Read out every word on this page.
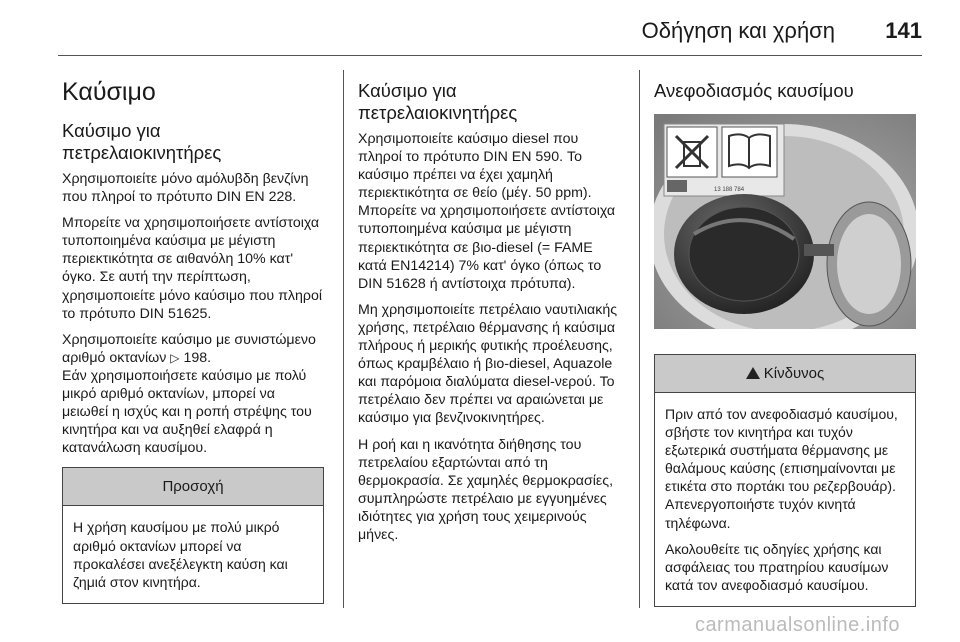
Οδήγηση και χρήση 141
Καύσιμο
Καύσιμο για πετρελαιοκινητήρες

Χρησιμοποιείτε μόνο αμόλυβδη βενζίνη που πληροί το πρότυπο DIN EN 228.

Μπορείτε να χρησιμοποιήσετε αντίστοιχα τυποποιημένα καύσιμα με μέγιστη περιεκτικότητα σε αιθανόλη 10% κατ' όγκο. Σε αυτή την περίπτωση, χρησιμοποιείτε μόνο καύσιμο που πληροί το πρότυπο DIN 51625.

Χρησιμοποιείτε καύσιμο με συνιστώμενο αριθμό οκτανίων ▷ 198.

Εάν χρησιμοποιήσετε καύσιμο με πολύ μικρό αριθμό οκτανίων, μπορεί να μειωθεί η ισχύς και η ροπή στρέψης του κινητήρα και να αυξηθεί ελαφρά η κατανάλωση καυσίμου.

Προσοχή

Η χρήση καυσίμου με πολύ μικρό αριθμό οκτανίων μπορεί να προκαλέσει ανεξέλεγκτη καύση και ζημιά στον κινητήρα.

Καύσιμο για πετρελαιοκινητήρες

Χρησιμοποιείτε καύσιμο diesel που πληροί το πρότυπο DIN EN 590. Το καύσιμο πρέπει να έχει χαμηλή περιεκτικότητα σε θείο (μέγ. 50 ppm). Μπορείτε να χρησιμοποιήσετε αντίστοιχα τυποποιημένα καύσιμα με μέγιστη περιεκτικότητα σε βιο-diesel (= FAME κατά EN14214) 7% κατ' όγκο (όπως το DIN 51628 ή αντίστοιχα πρότυπα).

Μη χρησιμοποιείτε πετρέλαιο ναυτιλιακής χρήσης, πετρέλαιο θέρμανσης ή καύσιμα πλήρους ή μερικής φυτικής προέλευσης, όπως κραμβέλαιο ή βιο-diesel, Aquazole και παρόμοια διαλύματα diesel-νερού. Το πετρέλαιο δεν πρέπει να αραιώνεται με καύσιμο για βενζινοκινητήρες.

Η ροή και η ικανότητα διήθησης του πετρελαίου εξαρτώνται από τη θερμοκρασία. Σε χαμηλές θερμοκρασίες, συμπληρώστε πετρέλαιο με εγγυημένες ιδιότητες για χρήση τους χειμερινούς μήνες.

Ανεφοδιασμός καυσίμου
13 188 784
Κίνδυνος

Πριν από τον ανεφοδιασμό καυσίμου, σβήστε τον κινητήρα και τυχόν εξωτερικά συστήματα θέρμανσης με θαλάμους καύσης (επισημαίνονται με ετικέτα στο πορτάκι του ρεζερβουάρ). Απενεργοποιήστε τυχόν κινητά τηλέφωνα.

Ακολουθείτε τις οδηγίες χρήσης και ασφάλειας του πρατηρίου καυσίμων κατά τον ανεφοδιασμό καυσίμου.

carmanualsonline.info
